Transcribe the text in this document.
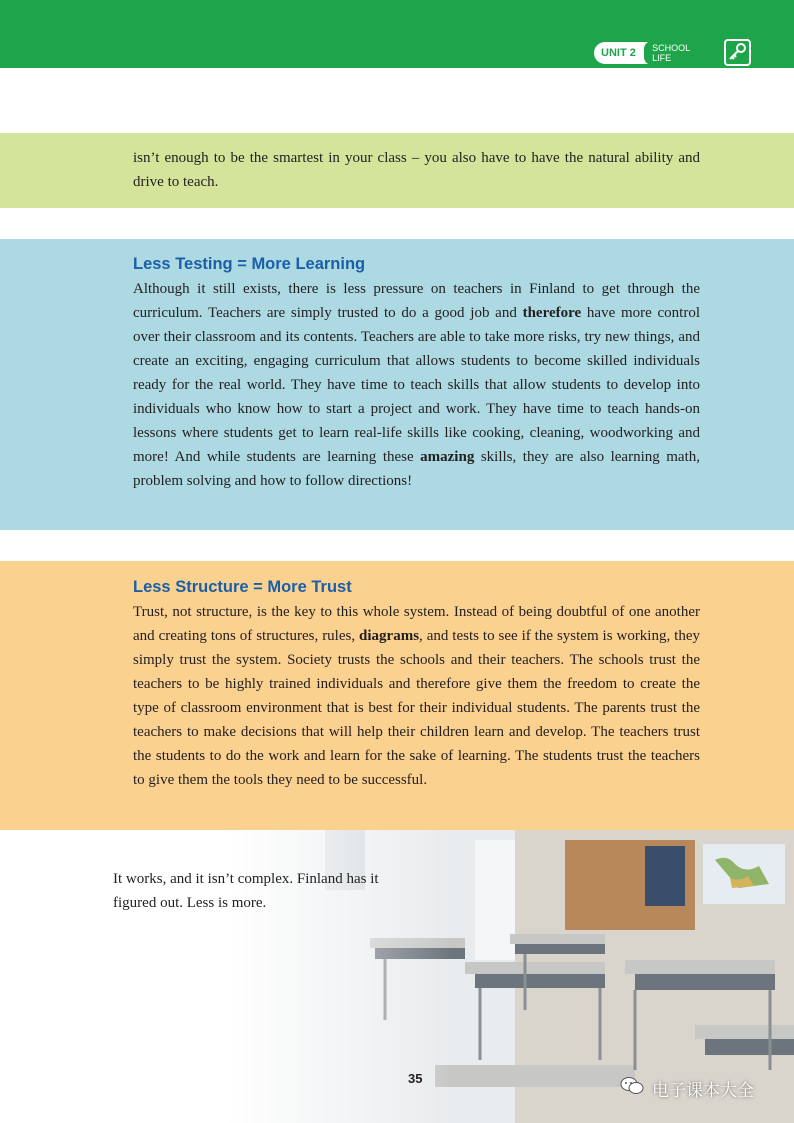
UNIT 2	SCHOOL LIFE

isn’t enough to be the smartest in your class – you also have to have the natural ability and drive to teach.

Less Testing = More Learning

Although it still exists, there is less pressure on teachers in Finland to get through the curriculum. Teachers are simply trusted to do a good job and therefore have more control over their classroom and its contents. Teachers are able to take more risks, try new things, and create an exciting, engaging curriculum that allows students to become skilled individuals ready for the real world. They have time to teach skills that allow students to develop into individuals who know how to start a project and work. They have time to teach hands-on lessons where students get to learn real-life skills like cooking, cleaning, woodworking and more! And while students are learning these amazing skills, they are also learning math, problem solving and how to follow directions!

Less Structure = More Trust

Trust, not structure, is the key to this whole system. Instead of being doubtful of one another and creating tons of structures, rules, diagrams, and tests to see if the system is working, they simply trust the system. Society trusts the schools and their teachers. The schools trust the teachers to be highly trained individuals and therefore give them the freedom to create the type of classroom environment that is best for their individual students. The parents trust the teachers to make decisions that will help their children learn and develop. The teachers trust the students to do the work and learn for the sake of learning. The students trust the teachers to give them the tools they need to be successful.

It works, and it isn’t complex. Finland has it figured out. Less is more.

35
电子课本大全
